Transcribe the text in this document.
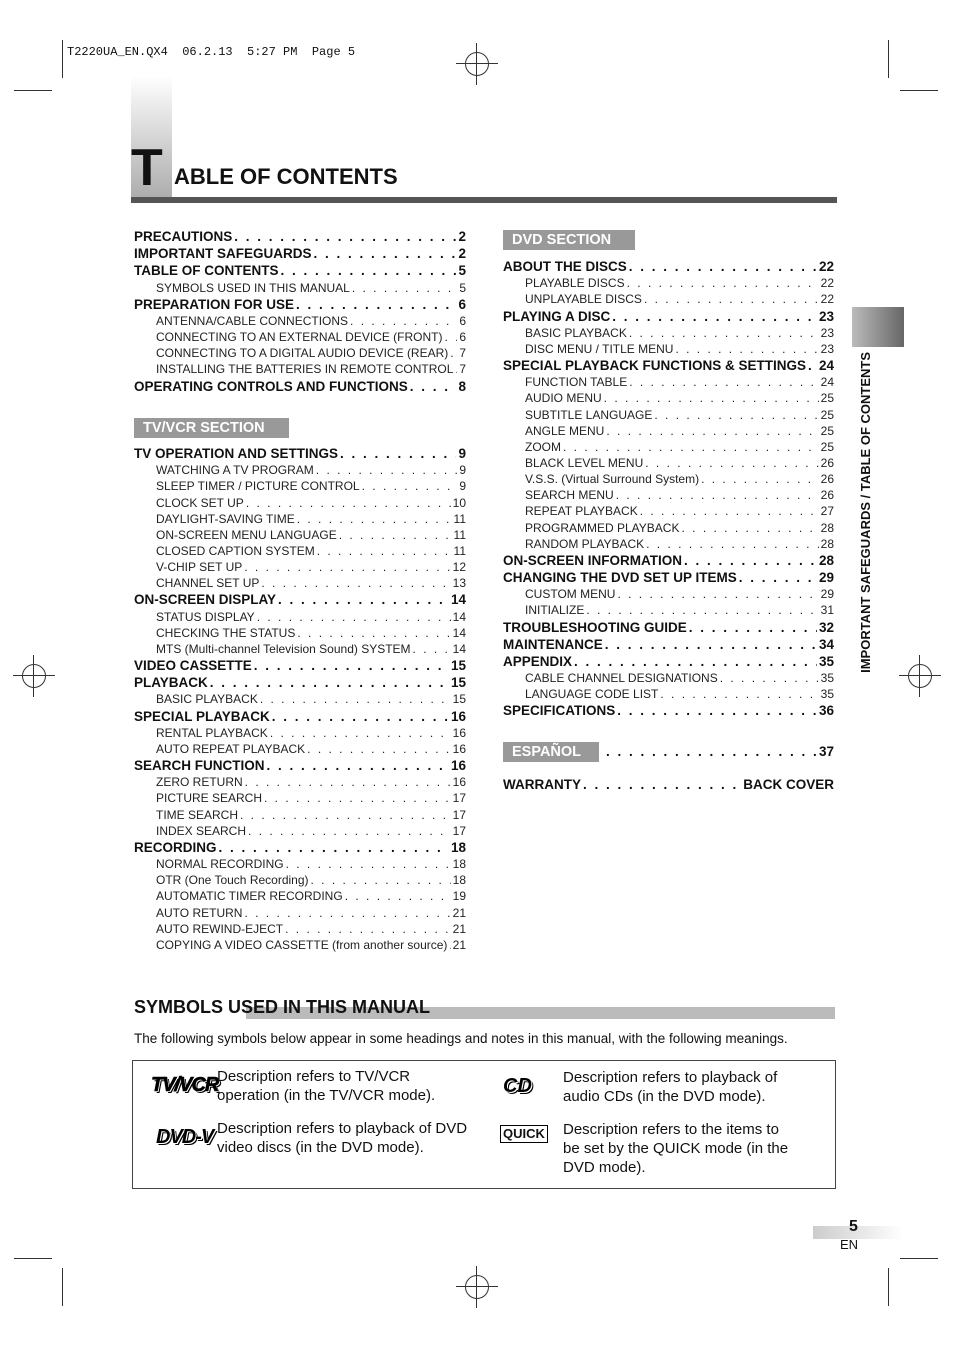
T2220UA_EN.QX4  06.2.13  5:27 PM  Page 5
T ABLE OF CONTENTS
PRECAUTIONS . . .	2
IMPORTANT SAFEGUARDS . . .	2
TABLE OF CONTENTS . . .	5
SYMBOLS USED IN THIS MANUAL . . .	5
PREPARATION FOR USE . . .	6
ANTENNA/CABLE CONNECTIONS . . .	6
CONNECTING TO AN EXTERNAL DEVICE (FRONT) . . . 6
CONNECTING TO A DIGITAL AUDIO DEVICE (REAR) . . . 7
INSTALLING THE BATTERIES IN REMOTE CONTROL . . . 7
OPERATING CONTROLS AND FUNCTIONS . . .	8
TV/VCR SECTION
TV OPERATION AND SETTINGS . . .	9
WATCHING A TV PROGRAM . . .	9
SLEEP TIMER / PICTURE CONTROL . . .	9
CLOCK SET UP . . .	10
DAYLIGHT-SAVING TIME . . .	11
ON-SCREEN MENU LANGUAGE . . .	11
CLOSED CAPTION SYSTEM . . .	11
V-CHIP SET UP . . .	12
CHANNEL SET UP . . .	13
ON-SCREEN DISPLAY . . .	14
STATUS DISPLAY . . .	14
CHECKING THE STATUS . . .	14
MTS (Multi-channel Television Sound) SYSTEM . . .	14
VIDEO CASSETTE . . .	15
PLAYBACK . . .	15
BASIC PLAYBACK . . .	15
SPECIAL PLAYBACK . . .	16
RENTAL PLAYBACK . . .	16
AUTO REPEAT PLAYBACK . . .	16
SEARCH FUNCTION . . .	16
ZERO RETURN . . .	16
PICTURE SEARCH . . .	17
TIME SEARCH . . .	17
INDEX SEARCH . . .	17
RECORDING . . .	18
NORMAL RECORDING . . .	18
OTR (One Touch Recording) . . .	18
AUTOMATIC TIMER RECORDING . . .	19
AUTO RETURN . . .	21
AUTO REWIND-EJECT . . .	21
COPYING A VIDEO CASSETTE (from another source) . . . 21
DVD SECTION
ABOUT THE DISCS . . .	22
PLAYABLE DISCS . . .	22
UNPLAYABLE DISCS . . .	22
PLAYING A DISC . . .	23
BASIC PLAYBACK . . .	23
DISC MENU / TITLE MENU . . .	23
SPECIAL PLAYBACK FUNCTIONS & SETTINGS . . . 24
FUNCTION TABLE . . .	24
AUDIO MENU . . .	25
SUBTITLE LANGUAGE . . .	25
ANGLE MENU . . .	25
ZOOM . . .	25
BLACK LEVEL MENU . . .	26
V.S.S. (Virtual Surround System) . . .	26
SEARCH MENU . . .	26
REPEAT PLAYBACK . . .	27
PROGRAMMED PLAYBACK . . .	28
RANDOM PLAYBACK . . .	28
ON-SCREEN INFORMATION . . .	28
CHANGING THE DVD SET UP ITEMS . . .	29
CUSTOM MENU . . .	29
INITIALIZE . . .	31
TROUBLESHOOTING GUIDE . . .	32
MAINTENANCE . . .	34
APPENDIX . . .	35
CABLE CHANNEL DESIGNATIONS . . .	35
LANGUAGE CODE LIST . . .	35
SPECIFICATIONS . . .	36
ESPAÑOL . . .	37
WARRANTY . . .	BACK COVER
IMPORTANT SAFEGUARDS / TABLE OF CONTENTS
SYMBOLS USED IN THIS MANUAL
The following symbols below appear in some headings and notes in this manual, with the following meanings.
TV/VCR
Description refers to TV/VCR operation (in the TV/VCR mode).
DVD-V Description refers to playback of DVD video discs (in the DVD mode).
CD Description refers to playback of audio CDs (in the DVD mode).
QUICK Description refers to the items to be set by the QUICK mode (in the DVD mode).
5
EN
